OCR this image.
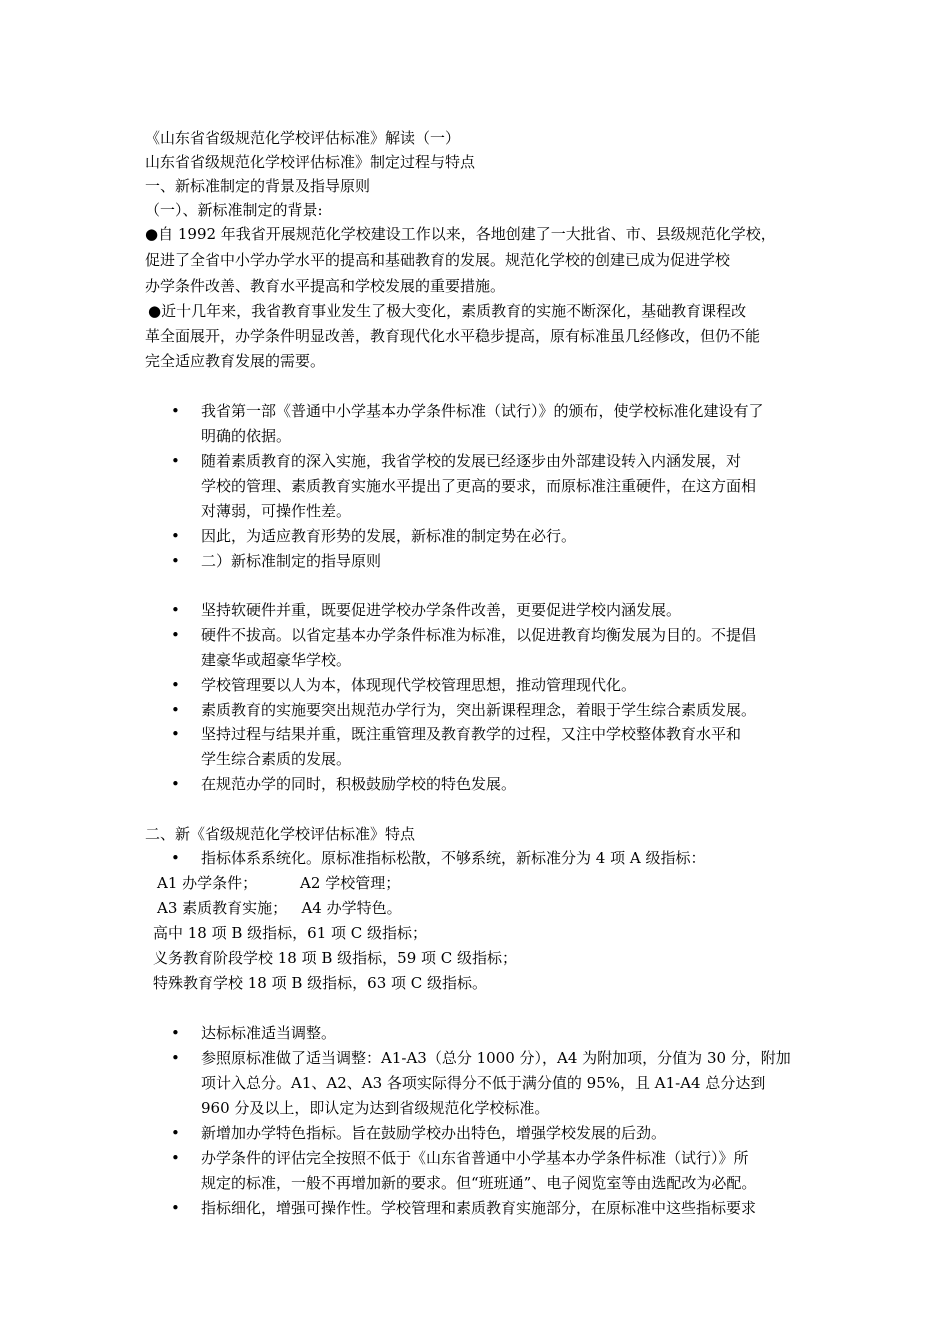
《山东省省级规范化学校评估标准》解读（一）
山东省省级规范化学校评估标准》制定过程与特点
一、新标准制定的背景及指导原则
（一）、新标准制定的背景:
●自 1992 年我省开展规范化学校建设工作以来，各地创建了一大批省、市、县级规范化学校，
促进了全省中小学办学水平的提高和基础教育的发展。规范化学校的创建已成为促进学校
办学条件改善、教育水平提高和学校发展的重要措施。
●近十几年来，我省教育事业发生了极大变化，素质教育的实施不断深化，基础教育课程改
革全面展开，办学条件明显改善，教育现代化水平稳步提高，原有标准虽几经修改，但仍不能
完全适应教育发展的需要。
• 我省第一部《普通中小学基本办学条件标准（试行）》的颁布，使学校标准化建设有了
明确的依据。
• 随着素质教育的深入实施，我省学校的发展已经逐步由外部建设转入内涵发展，对
学校的管理、素质教育实施水平提出了更高的要求，而原标准注重硬件，在这方面相
对薄弱，可操作性差。
• 因此，为适应教育形势的发展，新标准的制定势在必行。
• 二）新标准制定的指导原则
• 坚持软硬件并重，既要促进学校办学条件改善，更要促进学校内涵发展。
• 硬件不拔高。以省定基本办学条件标准为标准，以促进教育均衡发展为目的。不提倡
建豪华或超豪华学校。
• 学校管理要以人为本，体现现代学校管理思想，推动管理现代化。
• 素质教育的实施要突出规范办学行为，突出新课程理念，着眼于学生综合素质发展。
• 坚持过程与结果并重，既注重管理及教育教学的过程，又注中学校整体教育水平和
学生综合素质的发展。
• 在规范办学的同时，积极鼓励学校的特色发展。
二、新《省级规范化学校评估标准》特点
• 指标体系系统化。原标准指标松散，不够系统，新标准分为 4 项 A 级指标：
A1 办学条件；         A2 学校管理；
A3 素质教育实施；   A4 办学特色。
高中 18 项 B 级指标，61 项 C 级指标；
义务教育阶段学校 18 项 B 级指标，59 项 C 级指标；
特殊教育学校 18 项 B 级指标，63 项 C 级指标。
• 达标标准适当调整。
• 参照原标准做了适当调整：A1-A3（总分 1000 分），A4 为附加项，分值为 30 分，附加
项计入总分。A1、A2、A3 各项实际得分不低于满分值的 95%，且 A1-A4 总分达到
960 分及以上，即认定为达到省级规范化学校标准。
• 新增加办学特色指标。旨在鼓励学校办出特色，增强学校发展的后劲。
• 办学条件的评估完全按照不低于《山东省普通中小学基本办学条件标准（试行）》所
规定的标准，一般不再增加新的要求。但“班班通”、电子阅览室等由选配改为必配。
• 指标细化，增强可操作性。学校管理和素质教育实施部分，在原标准中这些指标要求
